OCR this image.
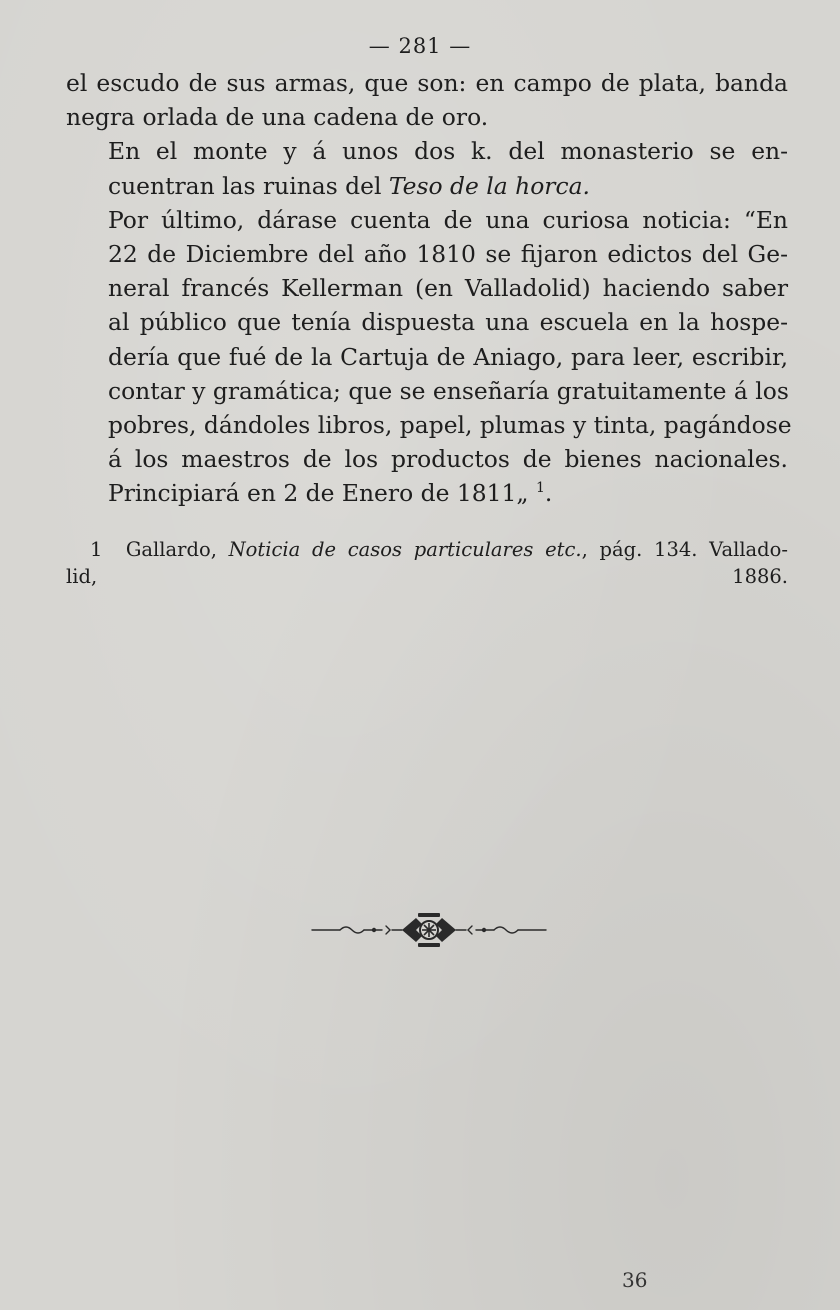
— 281 —

el escudo de sus armas, que son: en campo de plata, banda
negra orlada de una cadena de oro.

En el monte y á unos dos k. del monasterio se en-
cuentran las ruinas del Teso de la horca.

Por último, dárase cuenta de una curiosa noticia: “En
22 de Diciembre del año 1810 se fijaron edictos del Ge-
neral francés Kellerman (en Valladolid) haciendo saber
al público que tenía dispuesta una escuela en la hospe-
dería que fué de la Cartuja de Aniago, para leer, escribir,
contar y gramática; que se enseñaría gratuitamente á los
pobres, dándoles libros, papel, plumas y tinta, pagándose
á los maestros de los productos de bienes nacionales.
Principiará en 2 de Enero de 1811„ $^1$.

1 Gallardo, Noticia de casos particulares etc., pág. 134. Vallado-
lid, 1886.
36
